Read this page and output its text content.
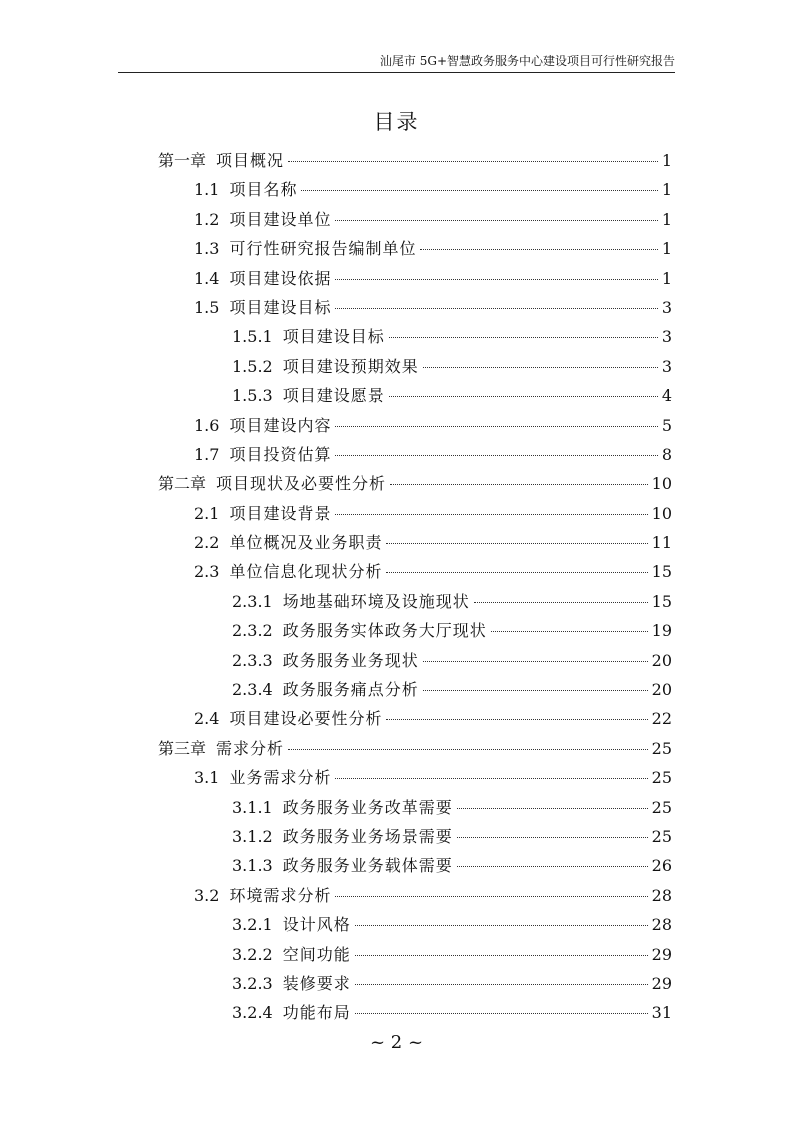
汕尾市 5G+智慧政务服务中心建设项目可行性研究报告
目录
第一章 项目概况	1
1.1 项目名称	1
1.2 项目建设单位	1
1.3 可行性研究报告编制单位	1
1.4 项目建设依据	1
1.5 项目建设目标	3
1.5.1 项目建设目标	3
1.5.2 项目建设预期效果	3
1.5.3 项目建设愿景	4
1.6 项目建设内容	5
1.7 项目投资估算	8
第二章 项目现状及必要性分析	10
2.1 项目建设背景	10
2.2 单位概况及业务职责	11
2.3 单位信息化现状分析	15
2.3.1 场地基础环境及设施现状	15
2.3.2 政务服务实体政务大厅现状	19
2.3.3 政务服务业务现状	20
2.3.4 政务服务痛点分析	20
2.4 项目建设必要性分析	22
第三章 需求分析	25
3.1 业务需求分析	25
3.1.1 政务服务业务改革需要	25
3.1.2 政务服务业务场景需要	25
3.1.3 政务服务业务载体需要	26
3.2 环境需求分析	28
3.2.1 设计风格	28
3.2.2 空间功能	29
3.2.3 装修要求	29
3.2.4 功能布局	31
~ 2 ~
